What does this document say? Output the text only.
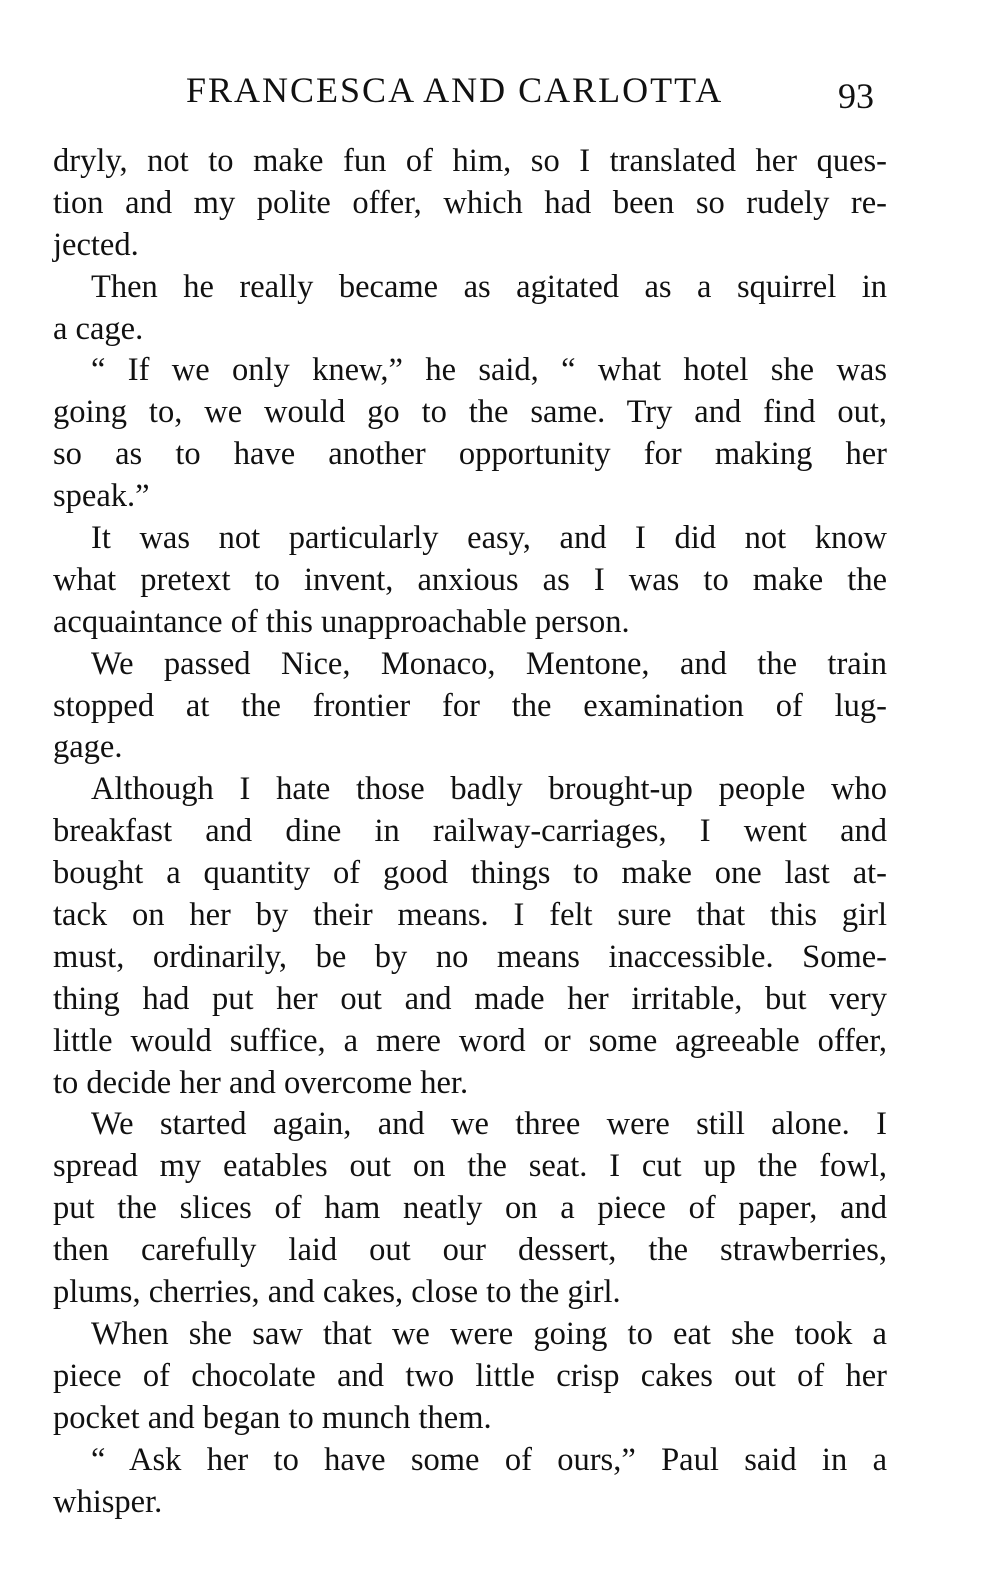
FRANCESCA AND CARLOTTA	93
dryly, not to make fun of him, so I translated her ques-
tion and my polite offer, which had been so rudely re-
jected.
Then he really became as agitated as a squirrel in
a cage.
“ If we only knew,” he said, “ what hotel she was
going to, we would go to the same. Try and find out,
so as to have another opportunity for making her
speak.”
It was not particularly easy, and I did not know
what pretext to invent, anxious as I was to make the
acquaintance of this unapproachable person.
We passed Nice, Monaco, Mentone, and the train
stopped at the frontier for the examination of lug-
gage.
Although I hate those badly brought-up people who
breakfast and dine in railway-carriages, I went and
bought a quantity of good things to make one last at-
tack on her by their means. I felt sure that this girl
must, ordinarily, be by no means inaccessible. Some-
thing had put her out and made her irritable, but very
little would suffice, a mere word or some agreeable offer,
to decide her and overcome her.
We started again, and we three were still alone. I
spread my eatables out on the seat. I cut up the fowl,
put the slices of ham neatly on a piece of paper, and
then carefully laid out our dessert, the strawberries,
plums, cherries, and cakes, close to the girl.
When she saw that we were going to eat she took a
piece of chocolate and two little crisp cakes out of her
pocket and began to munch them.
“ Ask her to have some of ours,” Paul said in a
whisper.
